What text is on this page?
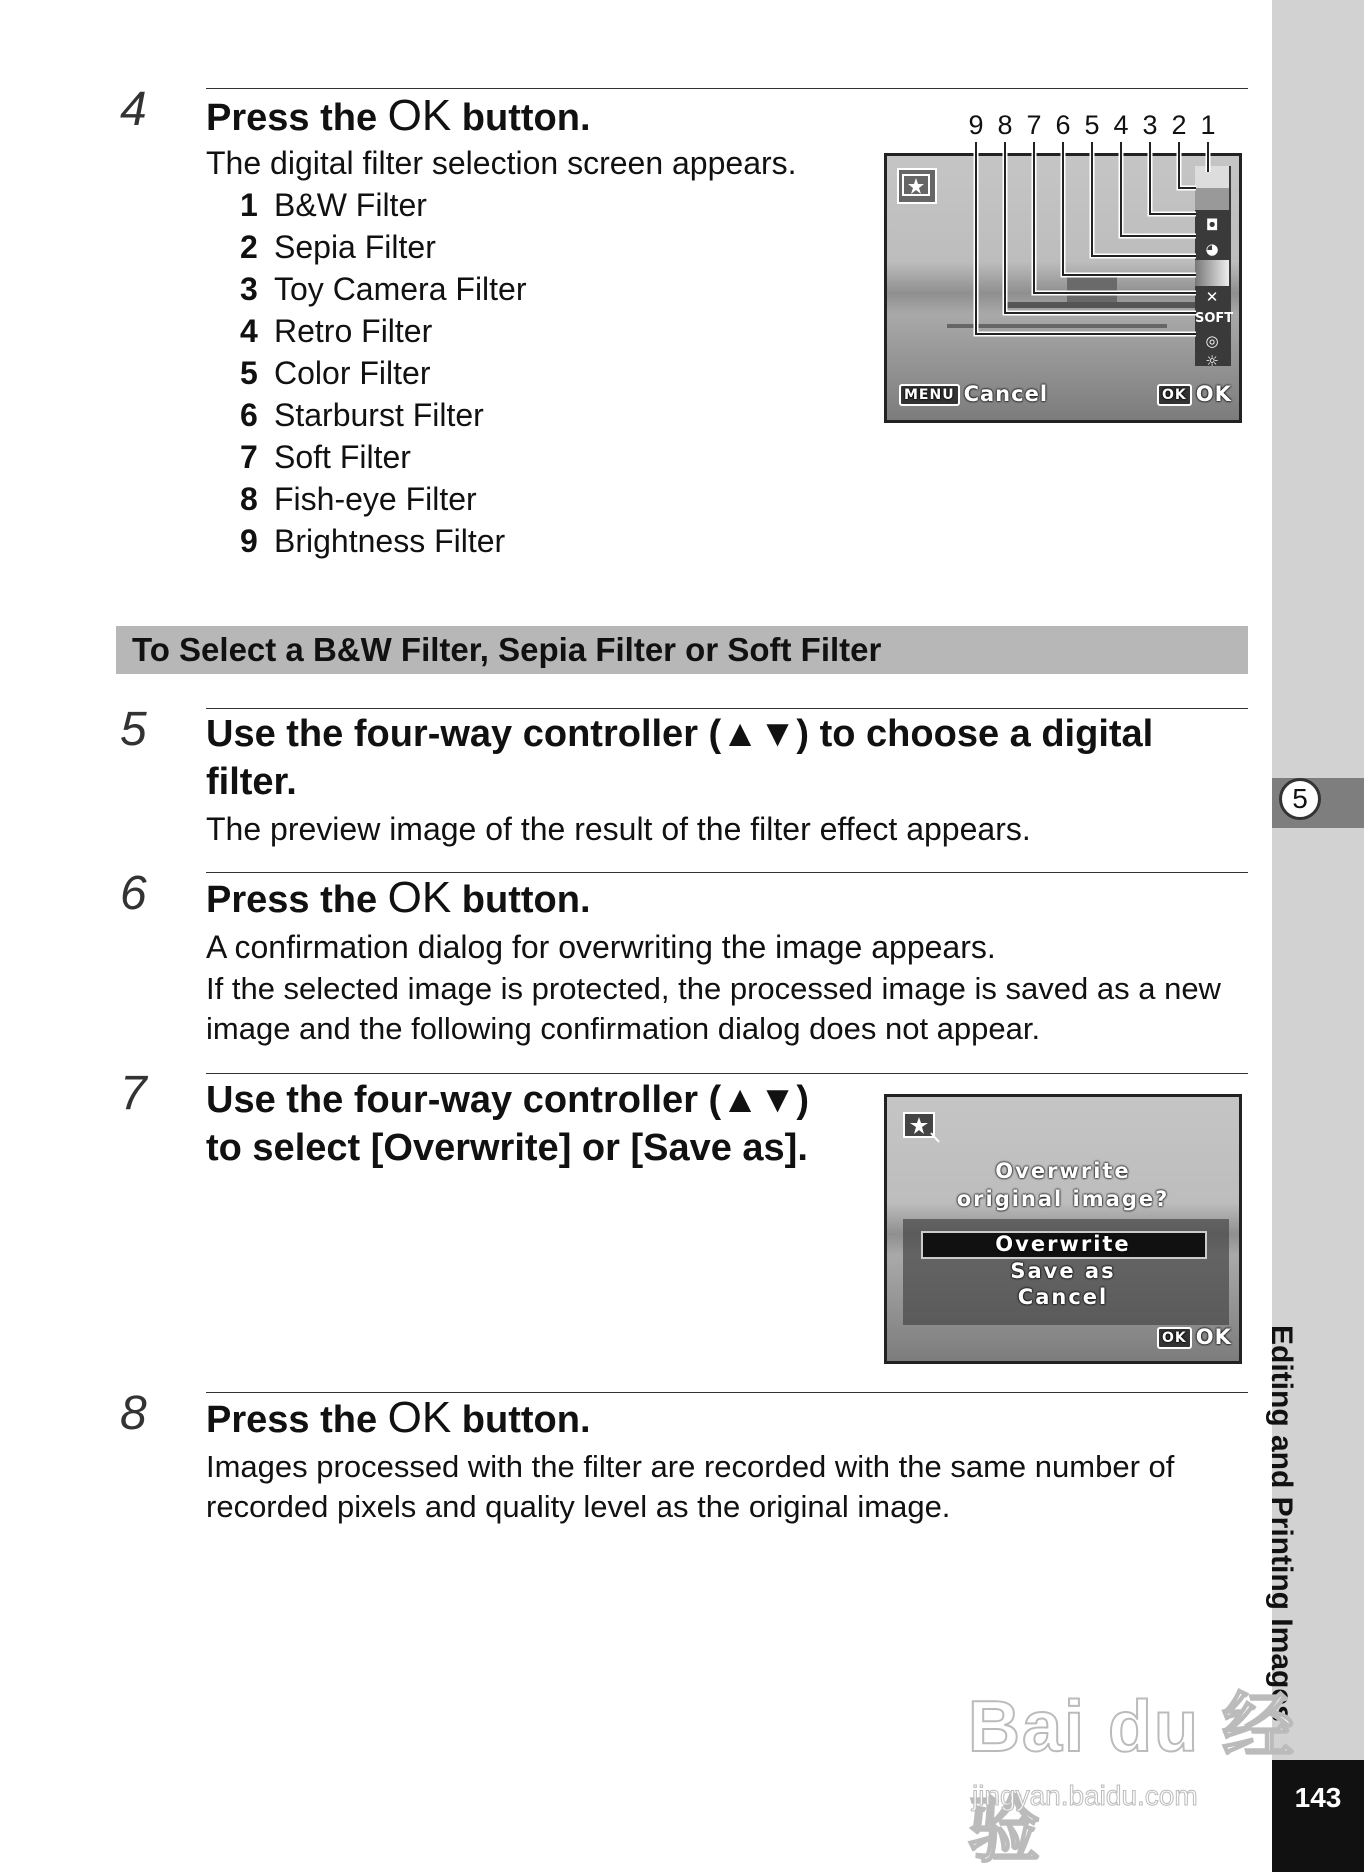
5
Editing and Printing Images
143
4 Press the OK button.
The digital filter selection screen appears.
1 B&W Filter
2 Sepia Filter
3 Toy Camera Filter
4 Retro Filter
5 Color Filter
6 Starburst Filter
7 Soft Filter
8 Fish-eye Filter
9 Brightness Filter
9 8 7 6 5 4 3 2 1
◘
◕
✕
SOFT
◎
☼
MENU Cancel	OK OK
To Select a B&W Filter, Sepia Filter or Soft Filter
5 Use the four-way controller (▲▼) to choose a digital
filter.
The preview image of the result of the filter effect appears.
6 Press the OK button.
A confirmation dialog for overwriting the image appears.
If the selected image is protected, the processed image is saved as a new
image and the following confirmation dialog does not appear.
7 Use the four-way controller (▲▼)
to select [Overwrite] or [Save as].
Overwrite
original image?
Overwrite
Save as
Cancel
OK OK
8 Press the OK button.
Images processed with the filter are recorded with the same number of
recorded pixels and quality level as the original image.
Bai du 经验
jingyan.baidu.com
